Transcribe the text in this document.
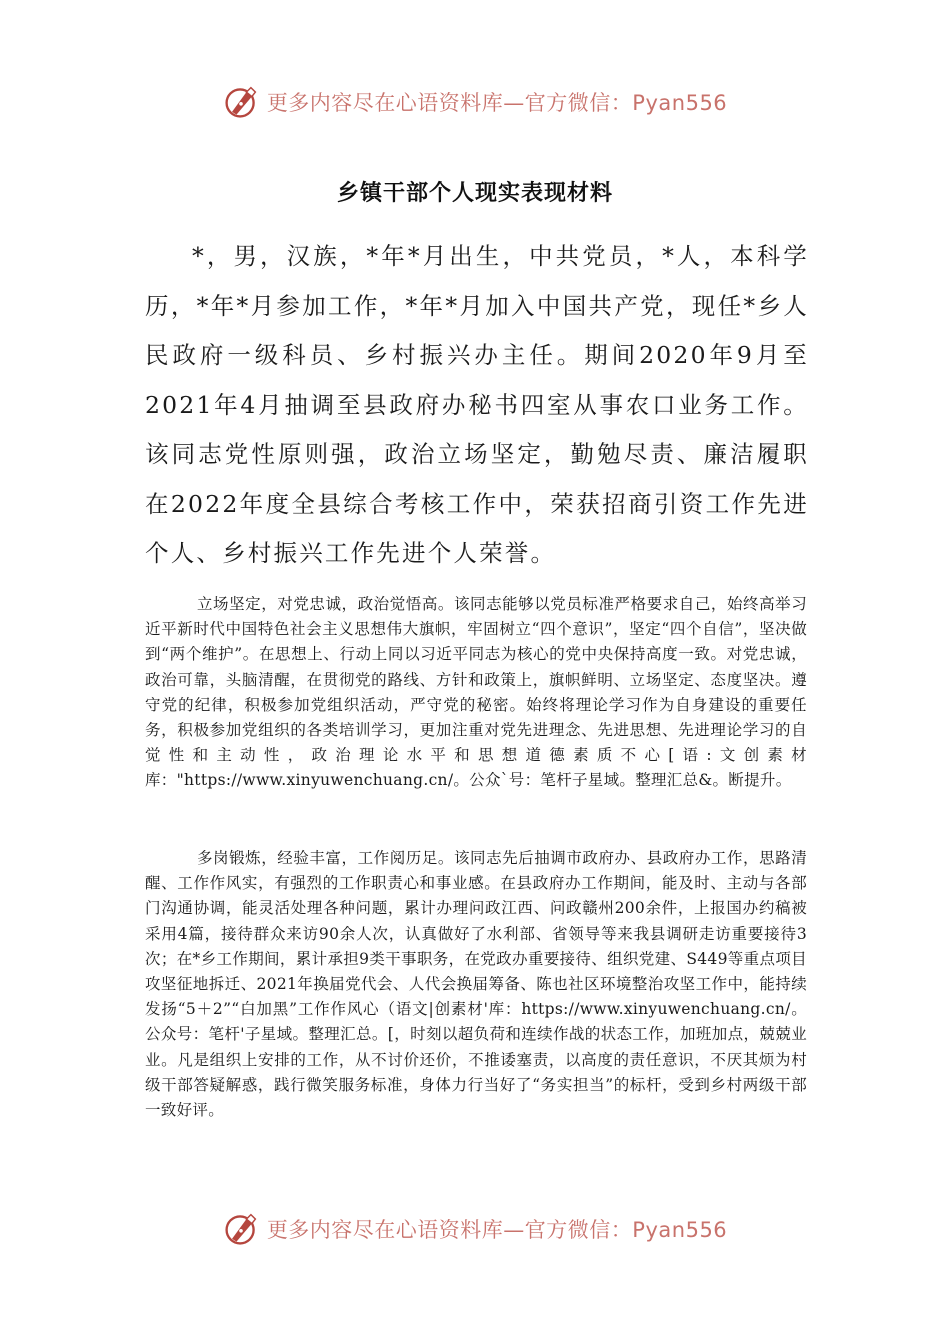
更多内容尽在心语资料库—官方微信：Pyan556
乡镇干部个人现实表现材料

*，男，汉族，*年*月出生，中共党员，*人，本科学历，*年*月参加工作，*年*月加入中国共产党，现任*乡人民政府一级科员、乡村振兴办主任。期间2020年9月至2021年4月抽调至县政府办秘书四室从事农口业务工作。该同志党性原则强，政治立场坚定，勤勉尽责、廉洁履职在2022年度全县综合考核工作中，荣获招商引资工作先进个人、乡村振兴工作先进个人荣誉。

立场坚定，对党忠诚，政治觉悟高。该同志能够以党员标准严格要求自己，始终高举习近平新时代中国特色社会主义思想伟大旗帜，牢固树立“四个意识”，坚定“四个自信”，坚决做到“两个维护”。在思想上、行动上同以习近平同志为核心的党中央保持高度一致。对党忠诚，政治可靠，头脑清醒，在贯彻党的路线、方针和政策上，旗帜鲜明、立场坚定、态度坚决。遵守党的纪律，积极参加党组织活动，严守党的秘密。始终将理论学习作为自身建设的重要任务，积极参加党组织的各类培训学习，更加注重对党先进理念、先进思想、先进理论学习的自觉性和主动性，政治理论水平和思想道德素质不心[语:文创素材库："https://www.xinyuwenchuang.cn/。公众`号：笔杆子星域。整理汇总&。断提升。

多岗锻炼，经验丰富，工作阅历足。该同志先后抽调市政府办、县政府办工作，思路清醒、工作作风实，有强烈的工作职责心和事业感。在县政府办工作期间，能及时、主动与各部门沟通协调，能灵活处理各种问题，累计办理问政江西、问政赣州200余件，上报国办约稿被采用4篇，接待群众来访90余人次，认真做好了水利部、省领导等来我县调研走访重要接待3次；在*乡工作期间，累计承担9类干事职务，在党政办重要接待、组织党建、S449等重点项目攻坚征地拆迁、2021年换届党代会、人代会换届筹备、陈也社区环境整治攻坚工作中，能持续发扬“5＋2”“白加黑”工作作风心（语文|创素材'库：https://www.xinyuwenchuang.cn/。公众号：笔杆'子星域。整理汇总。[，时刻以超负荷和连续作战的状态工作，加班加点，兢兢业业。凡是组织上安排的工作，从不讨价还价，不推诿塞责，以高度的责任意识，不厌其烦为村级干部答疑解惑，践行微笑服务标准，身体力行当好了“务实担当”的标杆，受到乡村两级干部一致好评。

更多内容尽在心语资料库—官方微信：Pyan556
